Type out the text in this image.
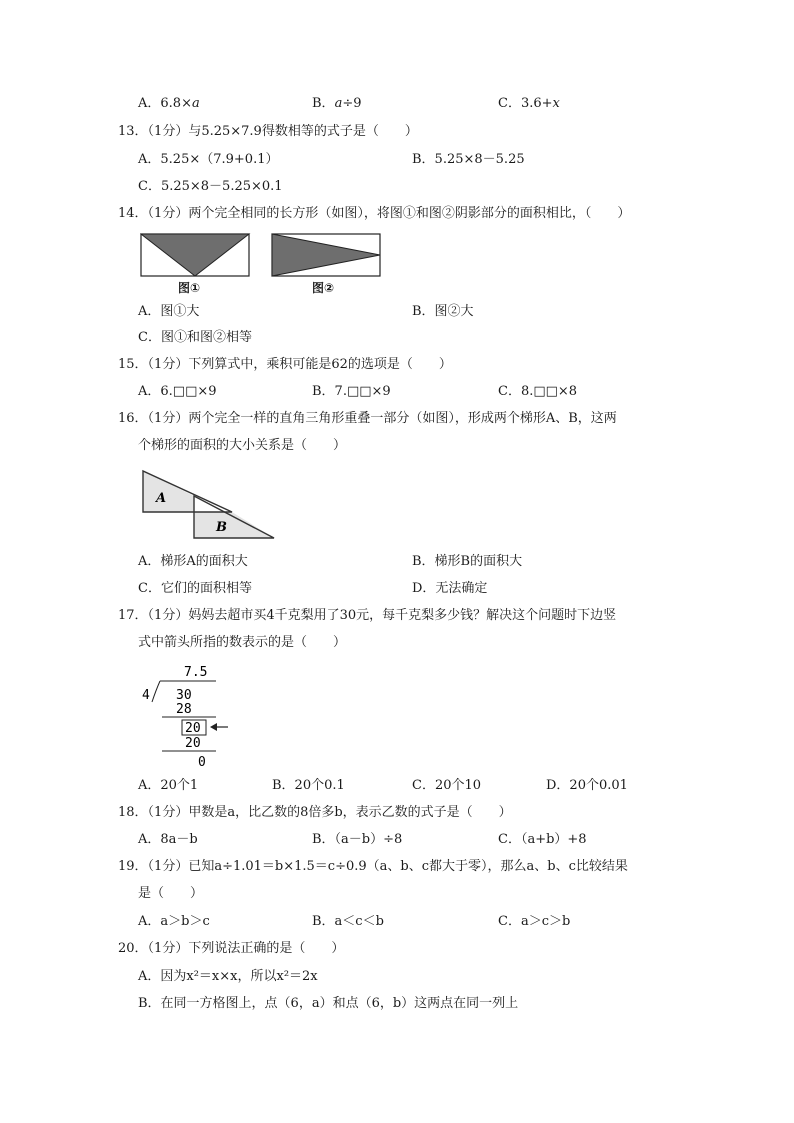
A．6.8×a	B．a÷9	C．3.6+x
13．（1分）与5.25×7.9得数相等的式子是（　　）
A．5.25×（7.9+0.1）	B．5.25×8－5.25
C．5.25×8－5.25×0.1
14．（1分）两个完全相同的长方形（如图），将图①和图②阴影部分的面积相比，（　　）
图①	图②
A．图①大	B．图②大
C．图①和图②相等
15．（1分）下列算式中，乘积可能是62的选项是（　　）
A．6.□□×9	B．7.□□×9	C．8.□□×8
16．（1分）两个完全一样的直角三角形重叠一部分（如图），形成两个梯形A、B，这两
个梯形的面积的大小关系是（　　）
A
B
A．梯形A的面积大	B．梯形B的面积大
C．它们的面积相等	D．无法确定
17．（1分）妈妈去超市买4千克梨用了30元，每千克梨多少钱？解决这个问题时下边竖
式中箭头所指的数表示的是（　　）
7.5
4 30
28
20
20
0
A．20个1	B．20个0.1	C．20个10	D．20个0.01
18．（1分）甲数是a，比乙数的8倍多b，表示乙数的式子是（　　）
A．8a－b	B．（a－b）÷8	C．（a+b）+8
19．（1分）已知a÷1.01＝b×1.5＝c÷0.9（a、b、c都大于零），那么a、b、c比较结果
是（　　）
A．a＞b＞c	B．a＜c＜b	C．a＞c＞b
20．（1分）下列说法正确的是（　　）
A．因为x²＝x×x，所以x²＝2x
B．在同一方格图上，点（6，a）和点（6，b）这两点在同一列上
